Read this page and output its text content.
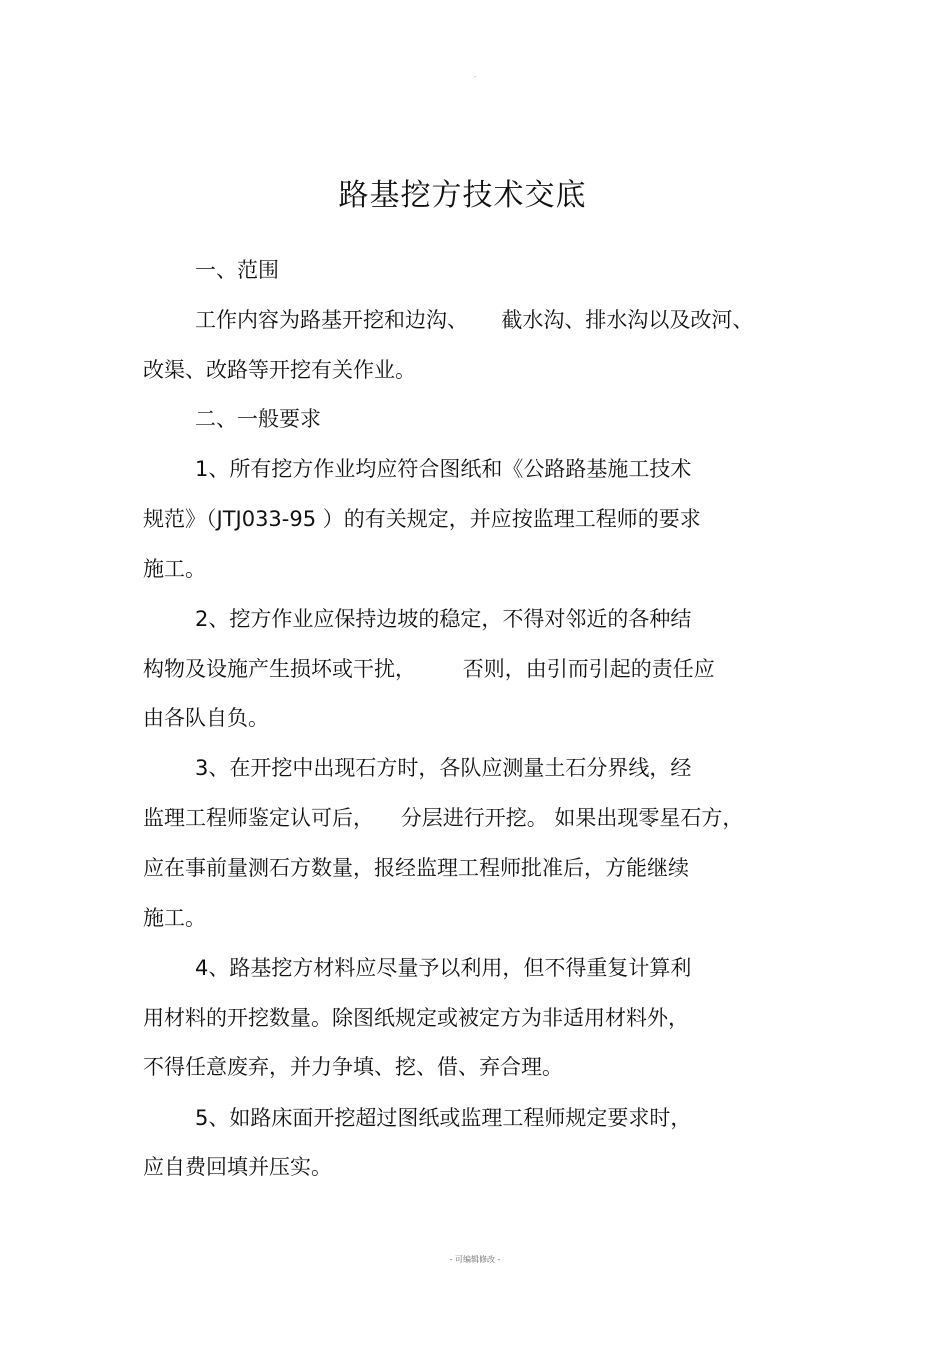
.
路基挖方技术交底
一、范围
工作内容为路基开挖和边沟、     截水沟、排水沟以及改河、
改渠、改路等开挖有关作业。
二、一般要求
1、所有挖方作业均应符合图纸和《公路路基施工技术
规范》（JTJ033-95 ）的有关规定，并应按监理工程师的要求
施工。
2、挖方作业应保持边坡的稳定，不得对邻近的各种结
构物及设施产生损坏或干扰，       否则，由引而引起的责任应
由各队自负。
3、在开挖中出现石方时，各队应测量土石分界线，经
监理工程师鉴定认可后，    分层进行开挖。 如果出现零星石方，
应在事前量测石方数量，报经监理工程师批准后，方能继续
施工。
4、路基挖方材料应尽量予以利用，但不得重复计算利
用材料的开挖数量。除图纸规定或被定方为非适用材料外，
不得任意废弃，并力争填、挖、借、弃合理。
5、如路床面开挖超过图纸或监理工程师规定要求时，
应自费回填并压实。
- 可编辑修改 -
